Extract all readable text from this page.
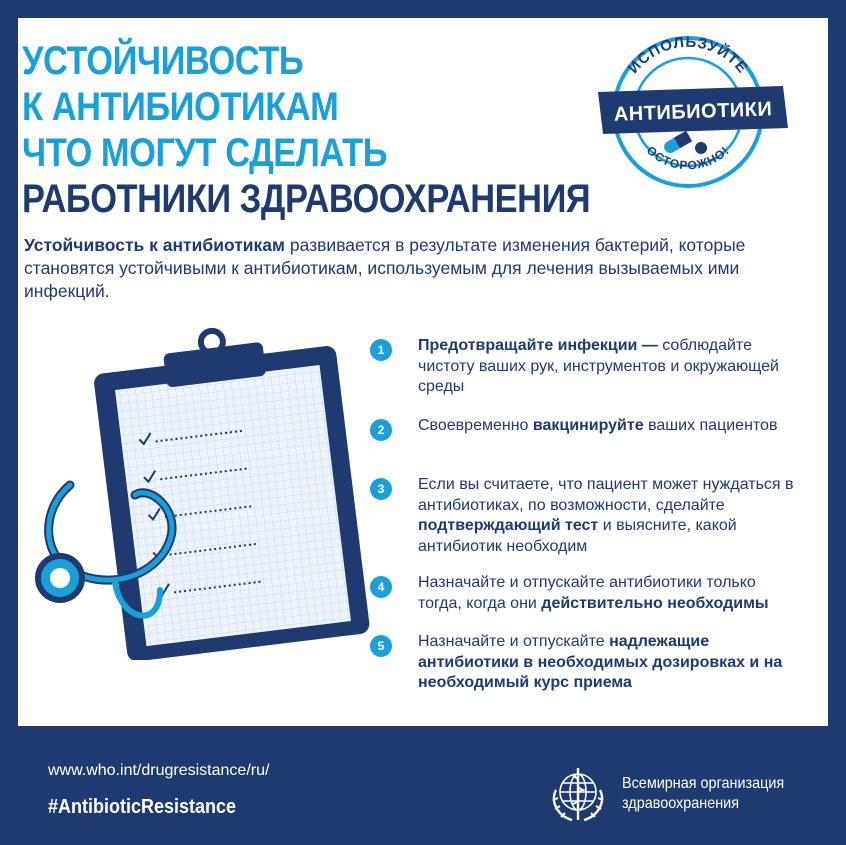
УСТОЙЧИВОСТЬ
К АНТИБИОТИКАМ
ЧТО МОГУТ СДЕЛАТЬ
РАБОТНИКИ ЗДРАВООХРАНЕНИЯ
ИСПОЛЬЗУЙТЕ
ОСТОРОЖНО!
АНТИБИОТИКИ
Устойчивость к антибиотикам развивается в результате изменения бактерий, которые становятся устойчивыми к антибиотикам, используемым для лечения вызываемых ими инфекций.
1	Предотвращайте инфекции — соблюдайте чистоту ваших рук, инструментов и окружающей среды
2	Своевременно вакцинируйте ваших пациентов
3	Если вы считаете, что пациент может нуждаться в антибиотиках, по возможности, сделайте подтверждающий тест и выясните, какой антибиотик необходим
4	Назначайте и отпускайте антибиотики только тогда, когда они действительно необходимы
5	Назначайте и отпускайте надлежащие антибиотики в необходимых дозировках и на необходимый курс приема
www.who.int/drugresistance/ru/
#AntibioticResistance
Всемирная организация
здравоохранения
